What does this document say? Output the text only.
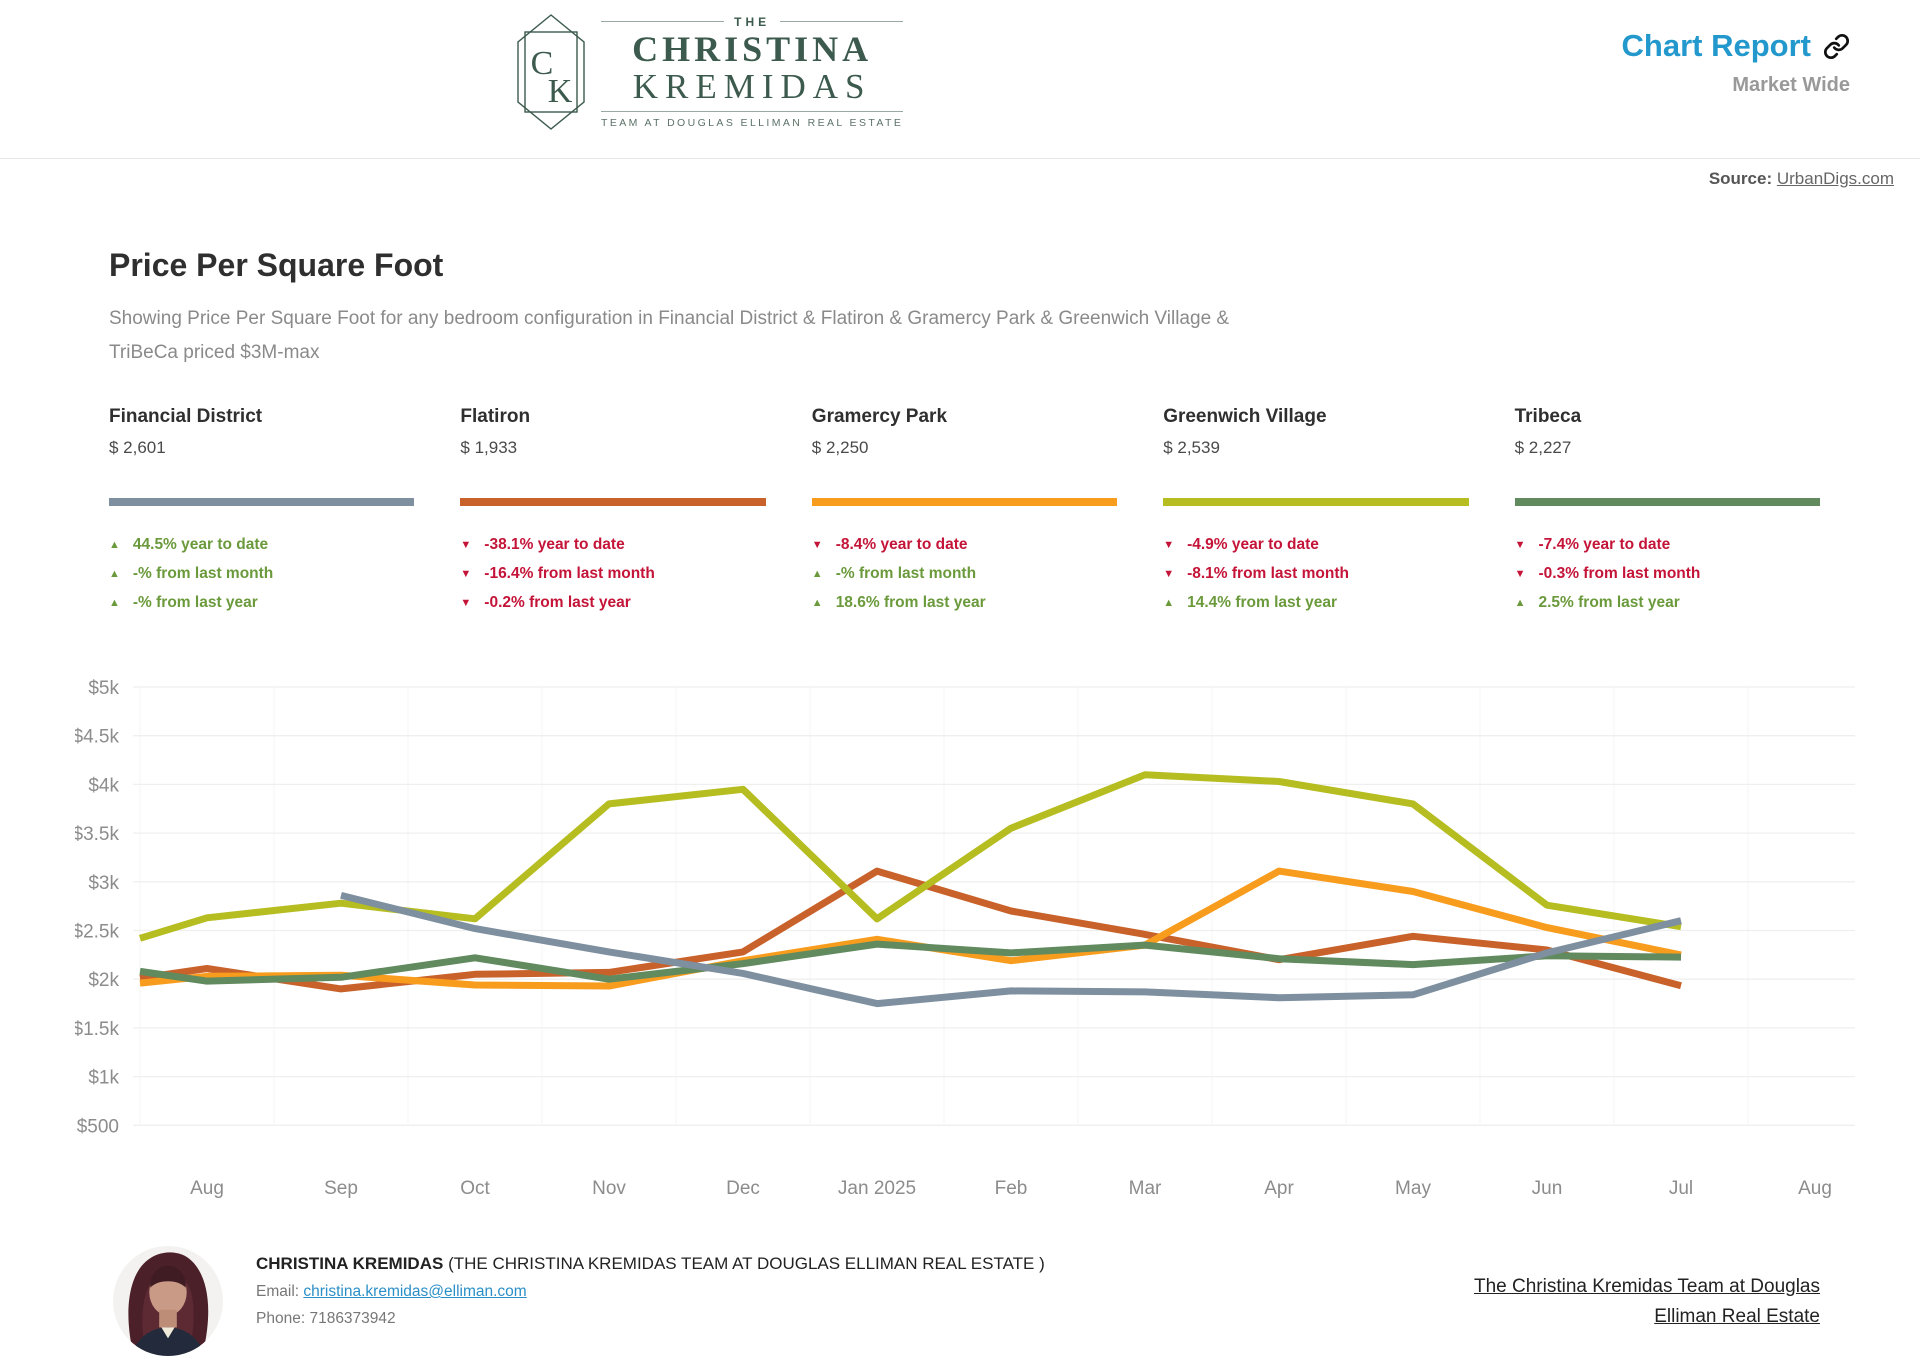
C
K
THE
CHRISTINA
KREMIDAS
TEAM AT DOUGLAS ELLIMAN REAL ESTATE
Chart Report
Market Wide
Source: UrbanDigs.com
Price Per Square Foot
Showing Price Per Square Foot for any bedroom configuration in Financial District & Flatiron & Gramercy Park & Greenwich Village & TriBeCa priced $3M-max
Financial District
$ 2,601
▲ 44.5% year to date
▲ -% from last month
▲ -% from last year
Flatiron
$ 1,933
▼ -38.1% year to date
▼ -16.4% from last month
▼ -0.2% from last year
Gramercy Park
$ 2,250
▼ -8.4% year to date
▲ -% from last month
▲ 18.6% from last year
Greenwich Village
$ 2,539
▼ -4.9% year to date
▼ -8.1% from last month
▲ 14.4% from last year
Tribeca
$ 2,227
▼ -7.4% year to date
▼ -0.3% from last month
▲ 2.5% from last year
$500
$1k
$1.5k
$2k
$2.5k
$3k
$3.5k
$4k
$4.5k
$5k
Aug	Sep	Oct	Nov	Dec	Jan 2025	Feb	Mar	Apr	May	Jun	Jul	Aug
CHRISTINA KREMIDAS (THE CHRISTINA KREMIDAS TEAM AT DOUGLAS ELLIMAN REAL ESTATE )
Email: christina.kremidas@elliman.com
Phone: 7186373942
The Christina Kremidas Team at Douglas Elliman Real Estate
